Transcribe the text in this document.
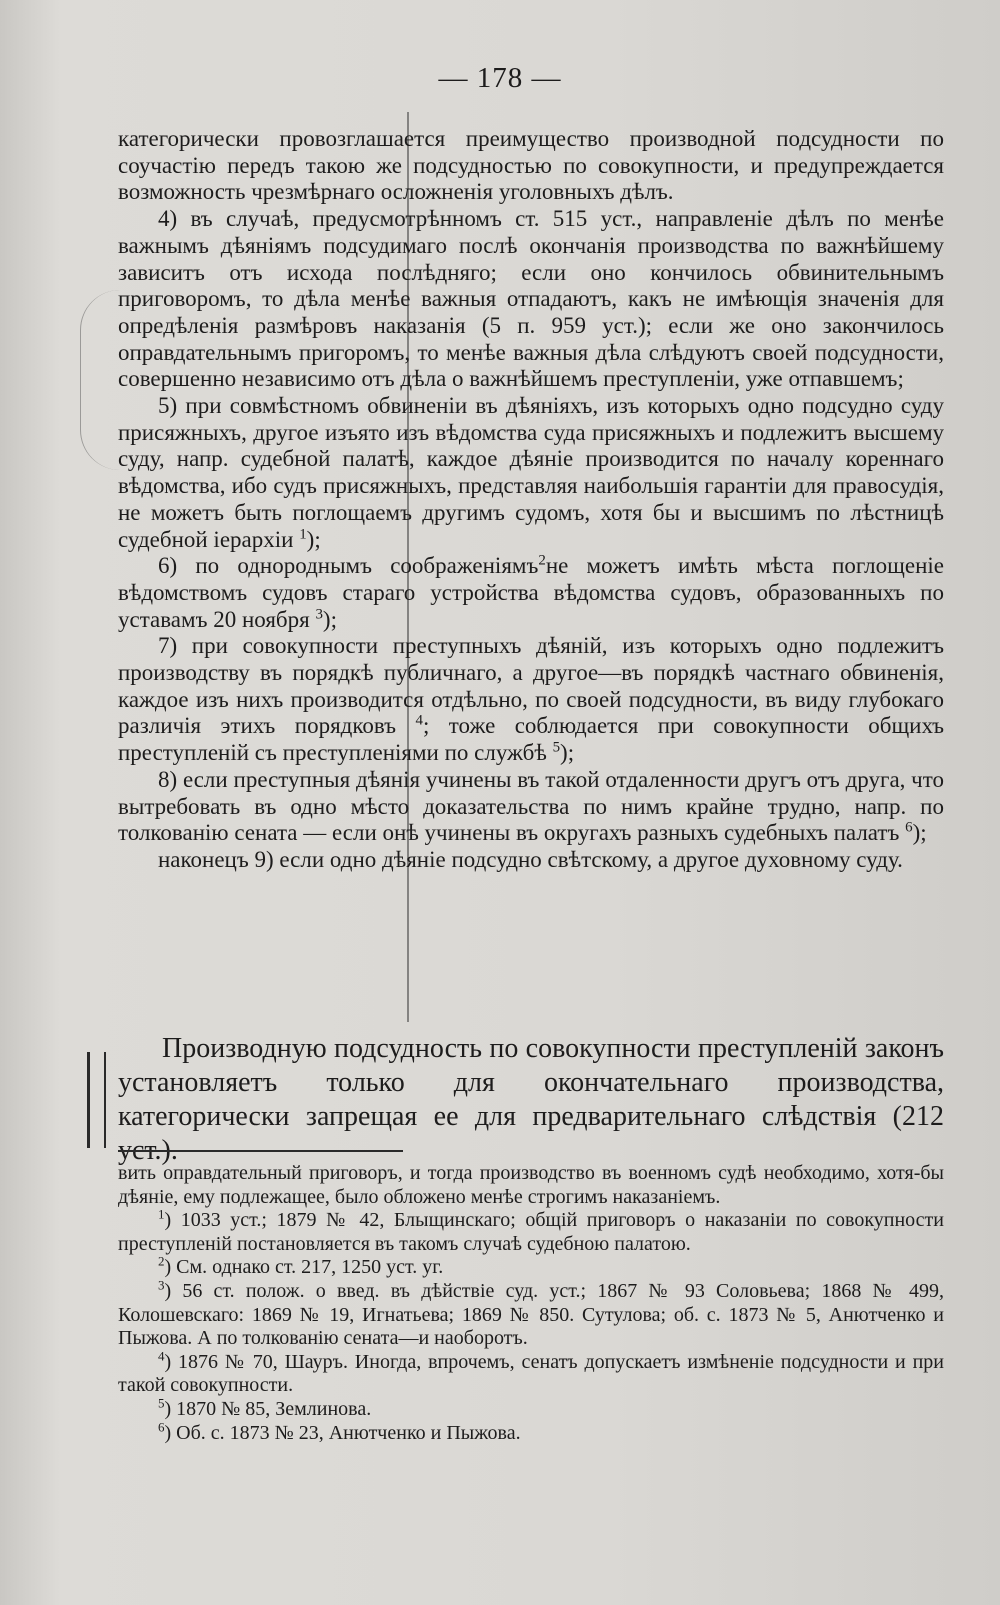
— 178 —

категорически провозглашается преимущество производной подсудности по соучастію передъ такою же подсудностью по совокупности, и предупреждается возможность чрезмѣрнаго осложненія уголовныхъ дѣлъ.

4) въ случаѣ, предусмотрѣнномъ ст. 515 уст., направленіе дѣлъ по менѣе важнымъ дѣяніямъ подсудимаго послѣ окончанія производства по важнѣйшему зависитъ отъ исхода послѣдняго; если оно кончилось обвинительнымъ приговоромъ, то дѣла менѣе важныя отпадаютъ, какъ не имѣющія значенія для опредѣленія размѣровъ наказанія (5 п. 959 уст.); если же оно закончилось оправдательнымъ пригоромъ, то менѣе важныя дѣла слѣдуютъ своей подсудности, совершенно независимо отъ дѣла о важнѣйшемъ преступленіи, уже отпавшемъ;

5) при совмѣстномъ обвиненіи въ дѣяніяхъ, изъ которыхъ одно подсудно суду присяжныхъ, другое изъято изъ вѣдомства суда присяжныхъ и подлежитъ высшему суду, напр. судебной палатѣ, каждое дѣяніе производится по началу кореннаго вѣдомства, ибо судъ присяжныхъ, представляя наибольшія гарантіи для правосудія, не можетъ быть поглощаемъ другимъ судомъ, хотя бы и высшимъ по лѣстницѣ судебной іерархіи $^1$);

6) по однороднымъ соображеніямъ$^2$не можетъ имѣть мѣста поглощеніе вѣдомствомъ судовъ стараго устройства вѣдомства судовъ, образованныхъ по уставамъ 20 ноября $^3$);

7) при совокупности преступныхъ дѣяній, изъ которыхъ одно подлежитъ производству въ порядкѣ публичнаго, а другое—въ порядкѣ частнаго обвиненія, каждое изъ нихъ производится отдѣльно, по своей подсудности, въ виду глубокаго различія этихъ порядковъ $^4$; тоже соблюдается при совокупности общихъ преступленій съ преступленіями по службѣ $^5$);

8) если преступныя дѣянія учинены въ такой отдаленности другъ отъ друга, что вытребовать въ одно мѣсто доказательства по нимъ крайне трудно, напр. по толкованію сената — если онѣ учинены въ округахъ разныхъ судебныхъ палатъ $^6$);

наконецъ 9) если одно дѣяніе подсудно свѣтскому, а другое духовному суду.

Производную подсудность по совокупности преступленій законъ установляетъ только для окончательнаго производства, категорически запрещая ее для предварительнаго слѣдствія (212 уст.).

вить оправдательный приговоръ, и тогда производство въ военномъ судѣ необходимо, хотя-бы дѣяніе, ему подлежащее, было обложено менѣе строгимъ наказаніемъ.

$^1$) 1033 уст.; 1879 № 42, Блыщинскаго; общій приговоръ о наказаніи по совокупности преступленій постановляется въ такомъ случаѣ судебною палатою.

$^2$) См. однако ст. 217, 1250 уст. уг.

$^3$) 56 ст. полож. о введ. въ дѣйствіе суд. уст.; 1867 № 93 Соловьева; 1868 № 499, Колошевскаго: 1869 № 19, Игнатьева; 1869 № 850. Сутулова; об. с. 1873 № 5, Анютченко и Пыжова. А по толкованію сената—и наоборотъ.

$^4$) 1876 № 70, Шауръ. Иногда, впрочемъ, сенатъ допускаетъ измѣненіе подсудности и при такой совокупности.

$^5$) 1870 № 85, Землинова.

$^6$) Об. с. 1873 № 23, Анютченко и Пыжова.
